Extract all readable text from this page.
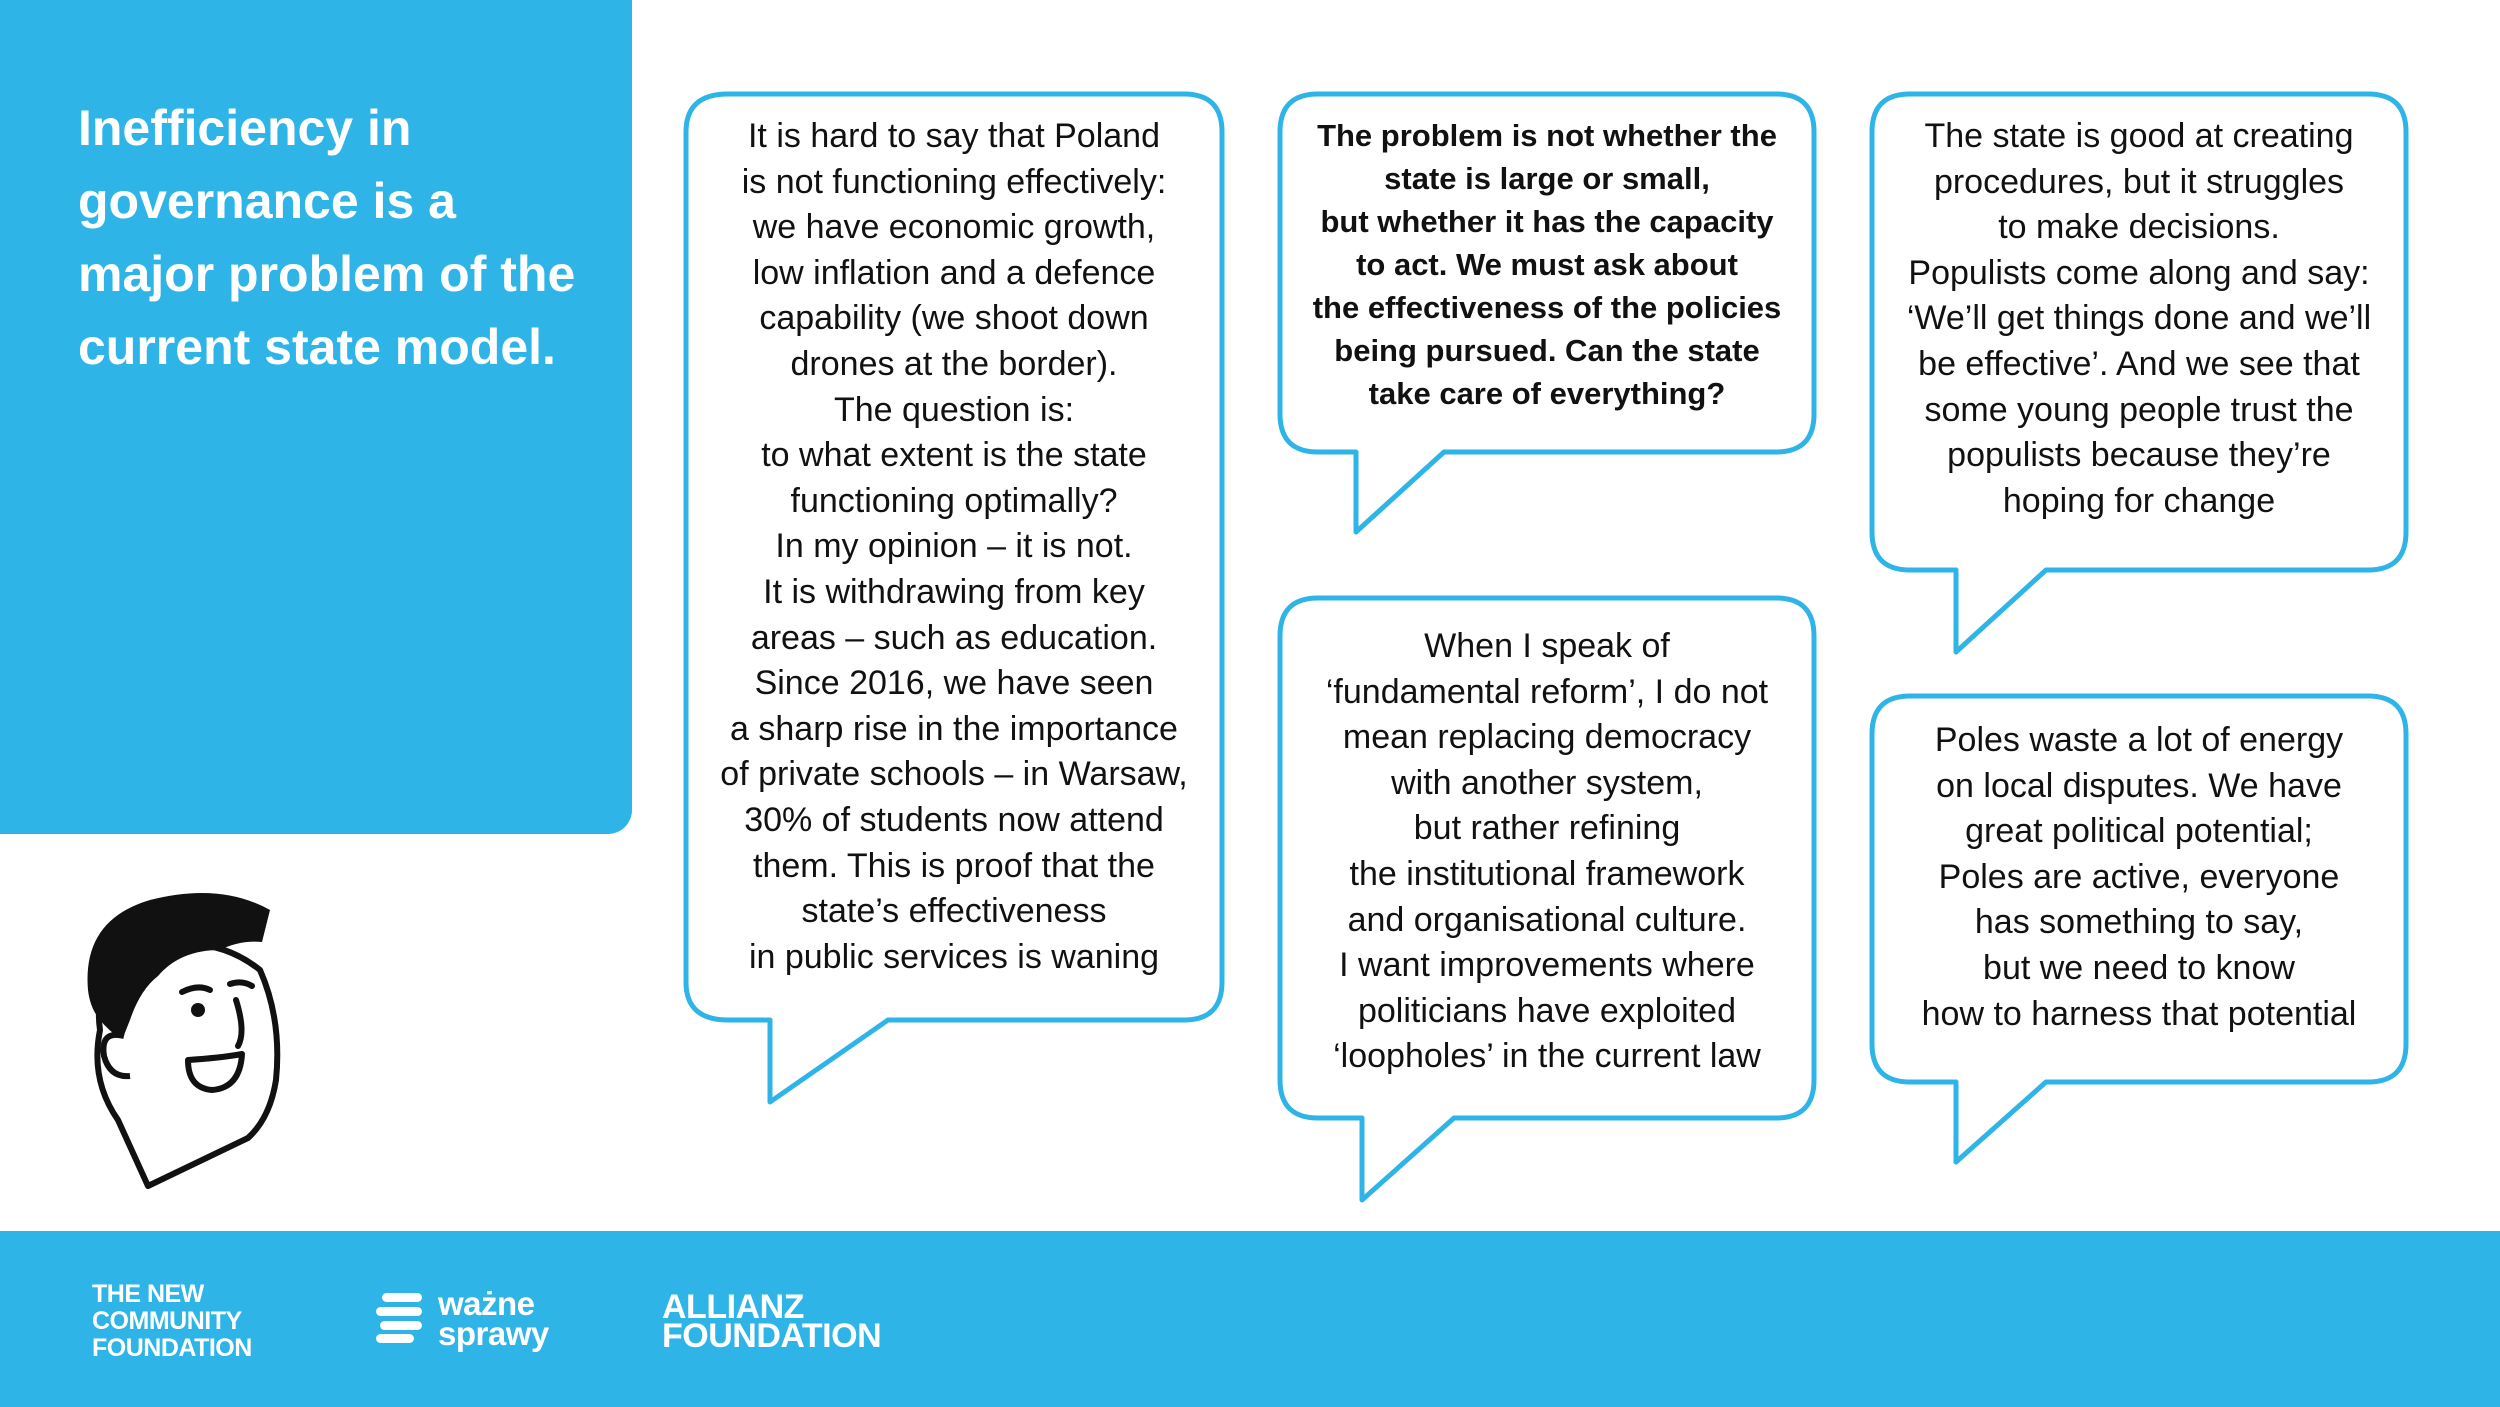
Inefficiency in
governance is a
major problem of the
current state model.
It is hard to say that Poland
is not functioning effectively:
we have economic growth,
low inflation and a defence
capability (we shoot down
drones at the border).
The question is:
to what extent is the state
functioning optimally?
In my opinion – it is not.
It is withdrawing from key
areas – such as education.
Since 2016, we have seen
a sharp rise in the importance
of private schools – in Warsaw,
30% of students now attend
them. This is proof that the
state’s effectiveness
in public services is waning
The problem is not whether the
state is large or small,
but whether it has the capacity
to act. We must ask about
the effectiveness of the policies
being pursued. Can the state
take care of everything?
When I speak of
‘fundamental reform’, I do not
mean replacing democracy
with another system,
but rather refining
the institutional framework
and organisational culture.
I want improvements where
politicians have exploited
‘loopholes’ in the current law
The state is good at creating
procedures, but it struggles
to make decisions.
Populists come along and say:
‘We’ll get things done and we’ll
be effective’. And we see that
some young people trust the
populists because they’re
hoping for change
Poles waste a lot of energy
on local disputes. We have
great political potential;
Poles are active, everyone
has something to say,
but we need to know
how to harness that potential
THE NEW
COMMUNITY
FOUNDATION
ważne
sprawy
ALLIANZ
FOUNDATION
